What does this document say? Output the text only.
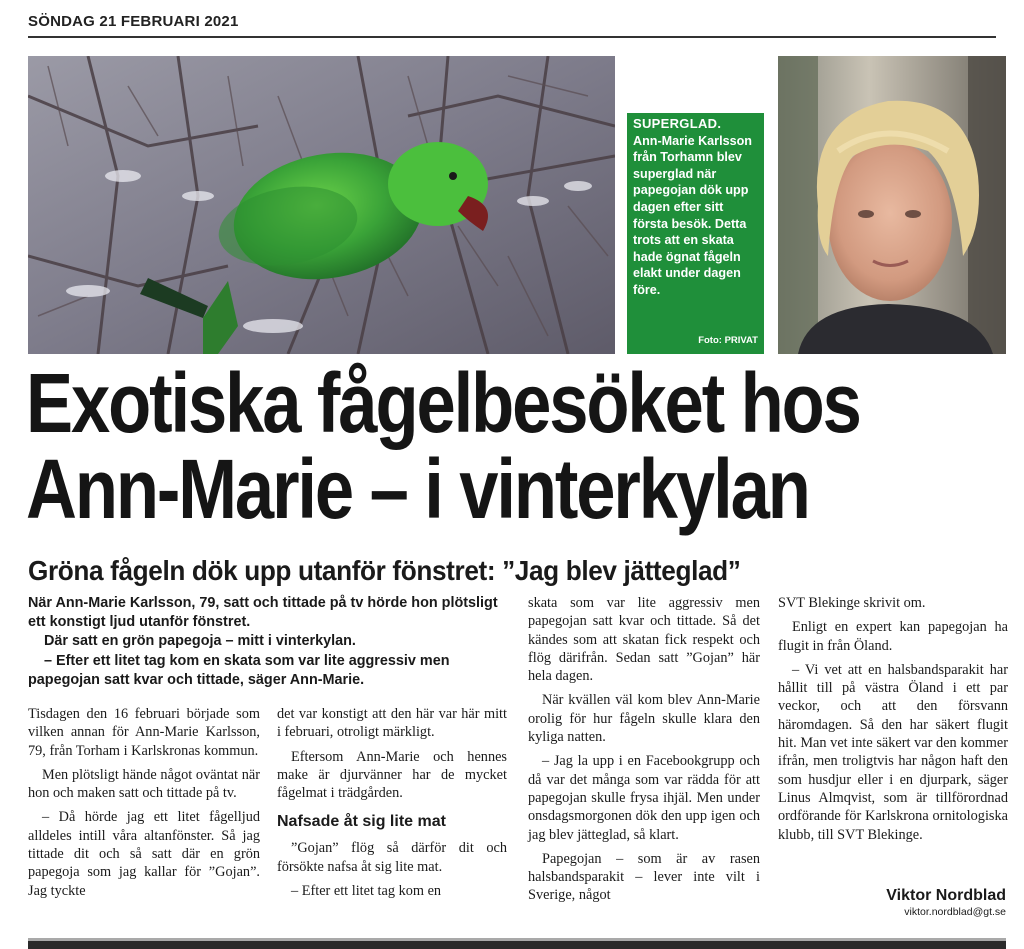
SÖNDAG 21 FEBRUARI 2021
SUPERGLAD.
Ann-Marie Karlsson från Torhamn blev superglad när papegojan dök upp dagen efter sitt första besök. Detta trots att en skata hade ögnat fågeln elakt under dagen före.
Foto: PRIVAT
Exotiska fågelbesöket hos
Ann-Marie – i vinterkylan
Gröna fågeln dök upp utanför fönstret: ”Jag blev jätteglad”

När Ann-Marie Karlsson, 79, satt och tittade på tv hörde hon plötsligt ett konstigt ljud utanför fönstret.

Där satt en grön papegoja – mitt i vinterkylan.

– Efter ett litet tag kom en skata som var lite aggressiv men papegojan satt kvar och tittade, säger Ann-Marie.

Tisdagen den 16 februari började som vilken annan för Ann-Marie Karlsson, 79, från Torham i Karlskronas kommun.

Men plötsligt hände något oväntat när hon och maken satt och tittade på tv.

– Då hörde jag ett litet fågelljud alldeles intill våra altanfönster. Så jag tittade dit och så satt där en grön papegoja som jag kallar för ”Gojan”. Jag tyckte

det var konstigt att den här var här mitt i februari, otroligt märkligt.

Eftersom Ann-Marie och hennes make är djurvänner har de mycket fågelmat i trädgården.

Nafsade åt sig lite mat

”Gojan” flög så därför dit och försökte nafsa åt sig lite mat.

– Efter ett litet tag kom en

skata som var lite aggressiv men papegojan satt kvar och tittade. Så det kändes som att skatan fick respekt och flög därifrån. Sedan satt ”Gojan” här hela dagen.

När kvällen väl kom blev Ann-Marie orolig för hur fågeln skulle klara den kyliga natten.

– Jag la upp i en Facebookgrupp och då var det många som var rädda för att papegojan skulle frysa ihjäl. Men under onsdagsmorgonen dök den upp igen och jag blev jätteglad, så klart.

Papegojan – som är av rasen halsbandsparakit – lever inte vilt i Sverige, något

SVT Blekinge skrivit om.

Enligt en expert kan papegojan ha flugit in från Öland.

– Vi vet att en halsbandsparakit har hållit till på västra Öland i ett par veckor, och att den försvann häromdagen. Så den har säkert flugit hit. Man vet inte säkert var den kommer ifrån, men troligtvis har någon haft den som husdjur eller i en djurpark, säger Linus Almqvist, som är tillförordnad ordförande för Karlskrona ornitologiska klubb, till SVT Blekinge.

Viktor Nordblad
viktor.nordblad@gt.se
